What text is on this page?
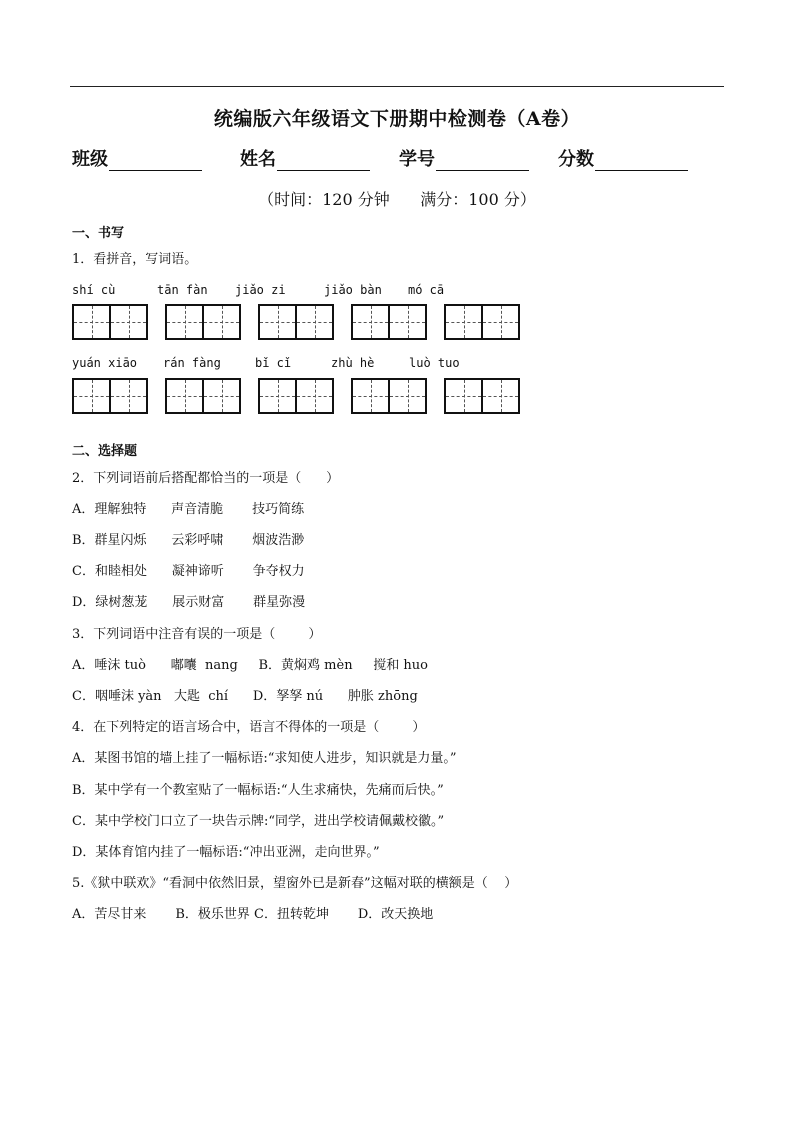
统编版六年级语文下册期中检测卷（A卷）
班级	姓名	学号	分数
（时间：120 分钟      满分：100 分）
一、书写
1．看拼音，写词语。
shí cù	tān fàn jiǎo zi	jiǎo bàn mó cā
yuán xiāo rán fàng	bǐ cǐ	zhù hè	luò tuo
二、选择题
2．下列词语前后搭配都恰当的一项是（      ）
A．理解独特      声音清脆       技巧简练
B．群星闪烁      云彩呼啸       烟波浩渺
C．和睦相处      凝神谛听       争夺权力
D．绿树葱茏      展示财富       群星弥漫
3．下列词语中注音有误的一项是（        ）
A．唾沫 tuò      嘟囔  nang     B．黄焖鸡 mèn     搅和 huo
C．咽唾沫 yàn   大匙  chí      D．孥孥 nú      肿胀 zhōng
4．在下列特定的语言场合中，语言不得体的一项是（        ）
A．某图书馆的墙上挂了一幅标语:“求知使人进步，知识就是力量。”
B．某中学有一个教室贴了一幅标语:“人生求痛快，先痛而后快。”
C．某中学校门口立了一块告示牌:“同学，进出学校请佩戴校徽。”
D．某体育馆内挂了一幅标语:“冲出亚洲，走向世界。”
5.《狱中联欢》“看洞中依然旧景，望窗外已是新春”这幅对联的横额是（    ）
A．苦尽甘来       B．极乐世界 C．扭转乾坤       D．改天换地
